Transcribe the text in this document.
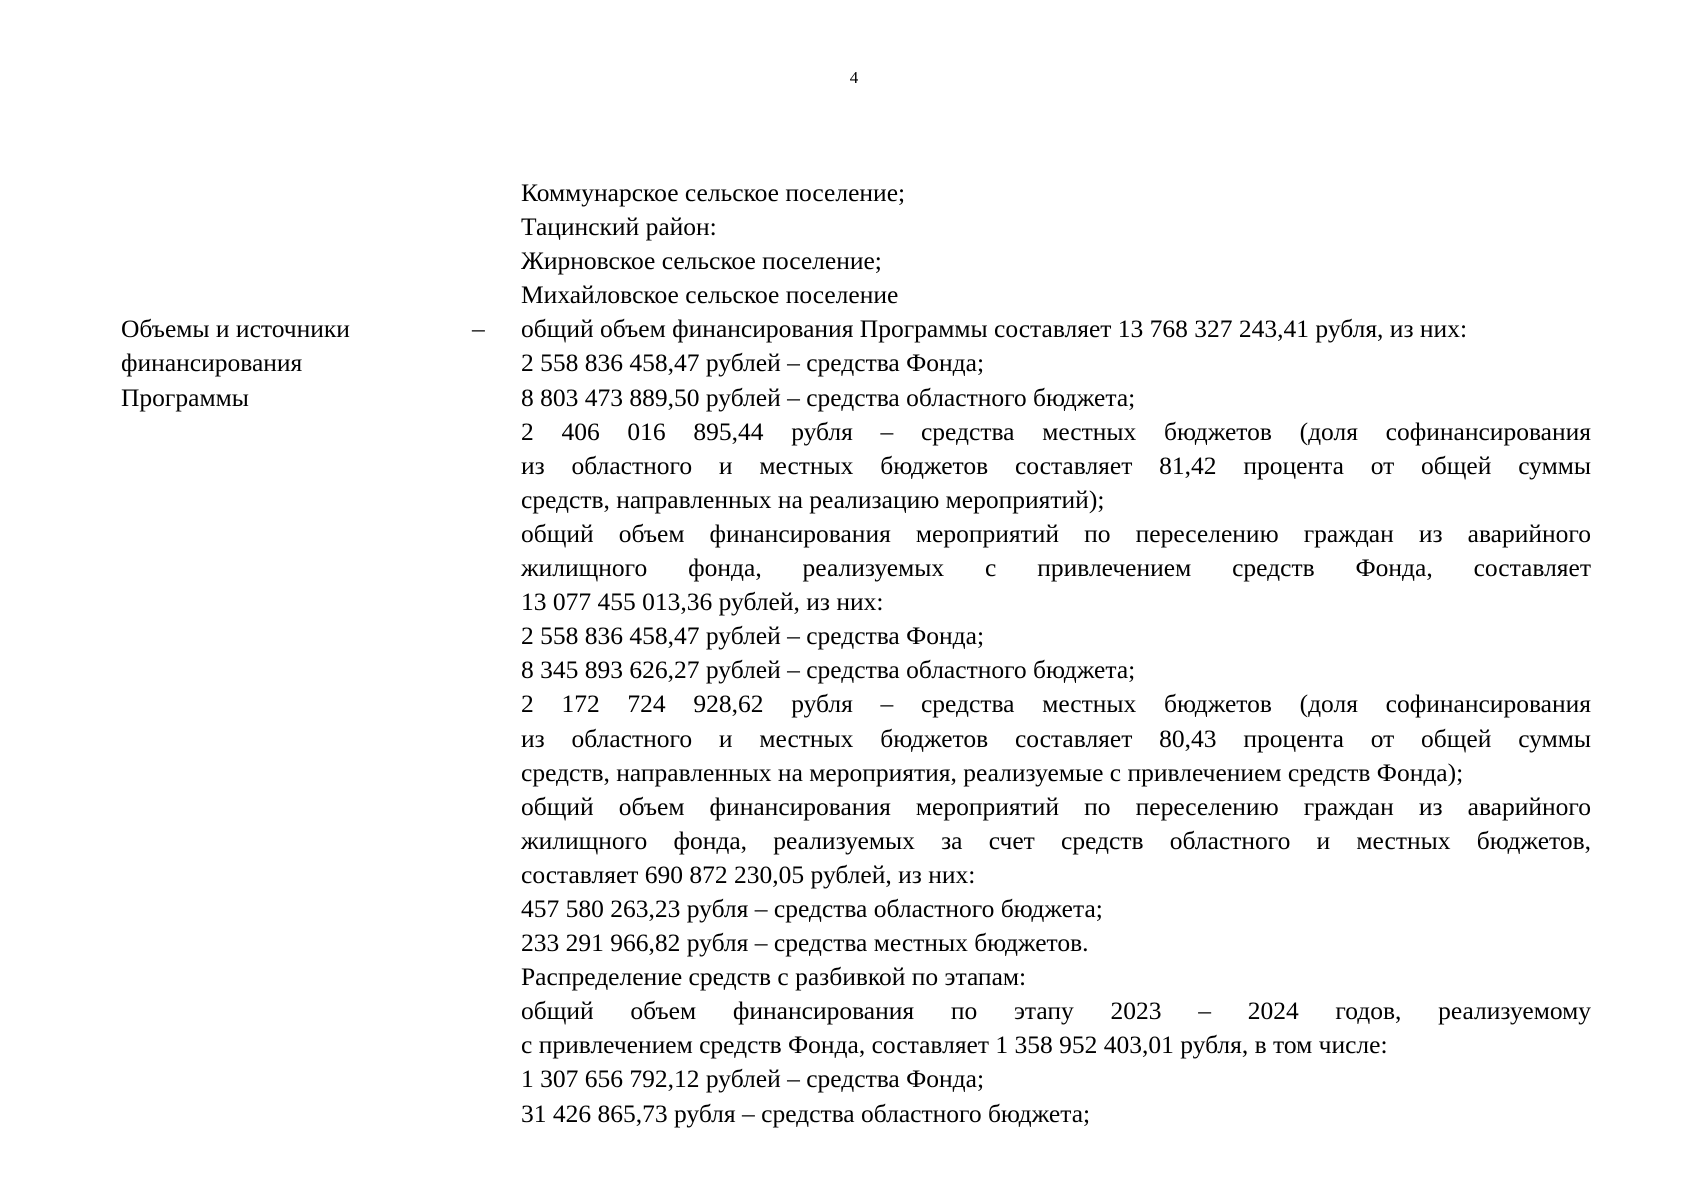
4
Коммунарское сельское поселение;
Тацинский район:
Жирновское сельское поселение;
Михайловское сельское поселение
Объемы и источники
финансирования
Программы
–	общий объем финансирования Программы составляет 13 768 327 243,41 рубля, из них:
2 558 836 458,47 рублей – средства Фонда;
8 803 473 889,50 рублей – средства областного бюджета;
2 406 016 895,44 рубля – средства местных бюджетов (доля софинансирования
из областного и местных бюджетов составляет 81,42 процента от общей суммы
средств, направленных на реализацию мероприятий);
общий объем финансирования мероприятий по переселению граждан из аварийного
жилищного фонда, реализуемых с привлечением средств Фонда, составляет
13 077 455 013,36 рублей, из них:
2 558 836 458,47 рублей – средства Фонда;
8 345 893 626,27 рублей – средства областного бюджета;
2 172 724 928,62 рубля – средства местных бюджетов (доля софинансирования
из областного и местных бюджетов составляет 80,43 процента от общей суммы
средств, направленных на мероприятия, реализуемые с привлечением средств Фонда);
общий объем финансирования мероприятий по переселению граждан из аварийного
жилищного фонда, реализуемых за счет средств областного и местных бюджетов,
составляет 690 872 230,05 рублей, из них:
457 580 263,23 рубля – средства областного бюджета;
233 291 966,82 рубля – средства местных бюджетов.
Распределение средств с разбивкой по этапам:
общий объем финансирования по этапу 2023 – 2024 годов, реализуемому
с привлечением средств Фонда, составляет 1 358 952 403,01 рубля, в том числе:
1 307 656 792,12 рублей – средства Фонда;
31 426 865,73 рубля – средства областного бюджета;
